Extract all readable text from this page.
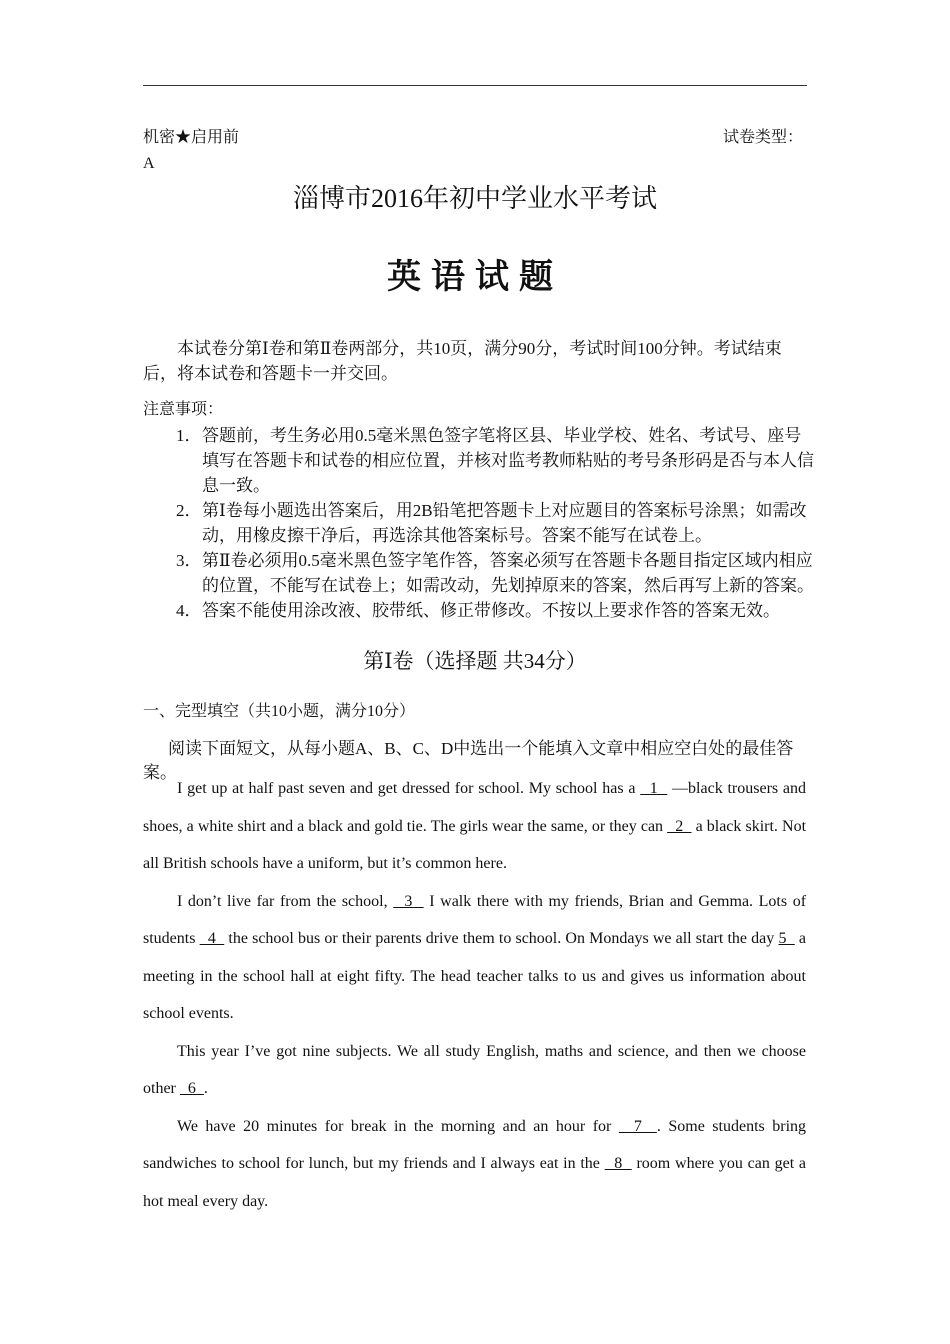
机密★启用前
A
试卷类型：
淄博市2016年初中学业水平考试
英语试题
本试卷分第Ⅰ卷和第Ⅱ卷两部分，共10页，满分90分，考试时间100分钟。考试结束后，将本试卷和答题卡一并交回。
注意事项：
1． 答题前，考生务必用0.5毫米黑色签字笔将区县、毕业学校、姓名、考试号、座号填写在答题卡和试卷的相应位置，并核对监考教师粘贴的考号条形码是否与本人信息一致。
2． 第Ⅰ卷每小题选出答案后，用2B铅笔把答题卡上对应题目的答案标号涂黑；如需改动，用橡皮擦干净后，再选涂其他答案标号。答案不能写在试卷上。
3． 第Ⅱ卷必须用0.5毫米黑色签字笔作答，答案必须写在答题卡各题目指定区域内相应的位置，不能写在试卷上；如需改动，先划掉原来的答案，然后再写上新的答案。
4． 答案不能使用涂改液、胶带纸、修正带修改。不按以上要求作答的答案无效。
第Ⅰ卷（选择题 共34分）
一、完型填空（共10小题，满分10分）
阅读下面短文，从每小题A、B、C、D中选出一个能填入文章中相应空白处的最佳答案。

I get up at half past seven and get dressed for school. My school has a   1   —black trousers and shoes, a white shirt and a black and gold tie. The girls wear the same, or they can   2   a black skirt. Not all British schools have a uniform, but it’s common here.

I don’t live far from the school,   3   I walk there with my friends, Brian and Gemma. Lots of students   4   the school bus or their parents drive them to school. On Mondays we all start the day 5   a meeting in the school hall at eight fifty. The head teacher talks to us and gives us information about school events.

This year I’ve got nine subjects. We all study English, maths and science, and then we choose other   6  .

We have 20 minutes for break in the morning and an hour for   7  . Some students bring sandwiches to school for lunch, but my friends and I always eat in the   8   room where you can get a hot meal every day.
